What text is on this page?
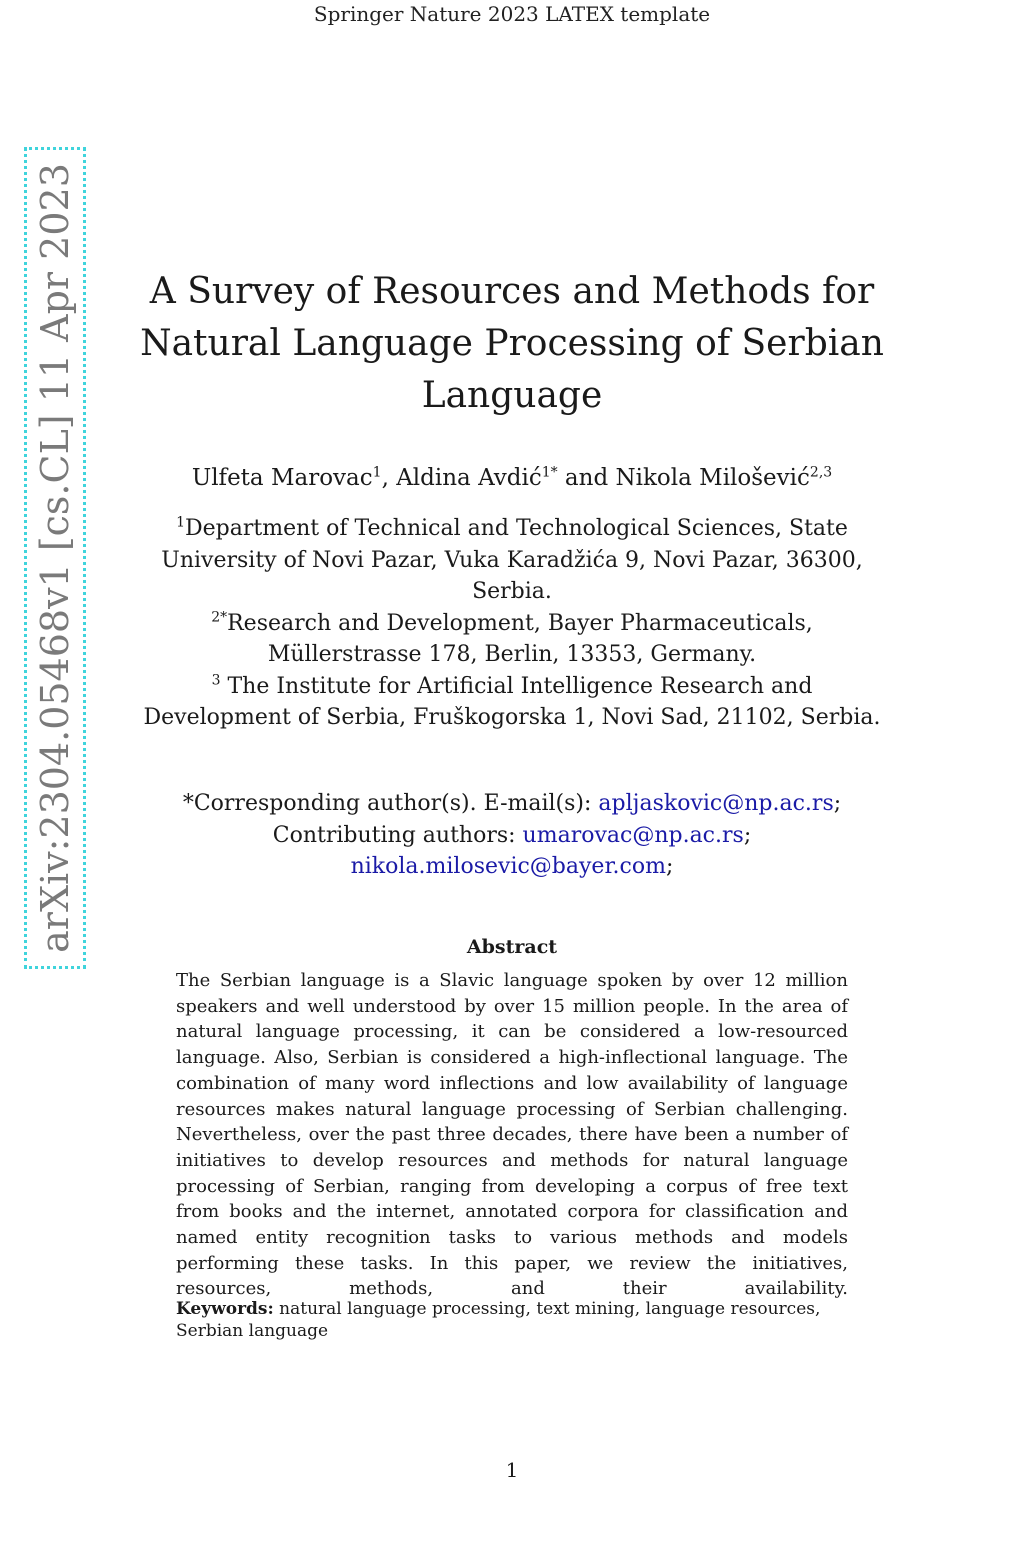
Springer Nature 2023 LATEX template
arXiv:2304.05468v1 [cs.CL] 11 Apr 2023 A Survey of Resources and Methods for
Natural Language Processing of Serbian
Language
Ulfeta Marovac$^1$, Aldina Avdić$^{1*}$ and Nikola Milošević$^{2,3}$
$^1$Department of Technical and Technological Sciences, State
University of Novi Pazar, Vuka Karadžića 9, Novi Pazar, 36300,
Serbia.
$^{2*}$Research and Development, Bayer Pharmaceuticals,
Müllerstrasse 178, Berlin, 13353, Germany.
$^3$ The Institute for Artificial Intelligence Research and
Development of Serbia, Fruškogorska 1, Novi Sad, 21102, Serbia.
*Corresponding author(s). E-mail(s): apljaskovic@np.ac.rs;
Contributing authors: umarovac@np.ac.rs;
nikola.milosevic@bayer.com;
Abstract
The Serbian language is a Slavic language spoken by over 12 million speakers and well understood by over 15 million people. In the area of natural language processing, it can be considered a low-resourced language. Also, Serbian is considered a high-inflectional language. The combination of many word inflections and low availability of language resources makes natural language processing of Serbian challenging. Nevertheless, over the past three decades, there have been a number of initiatives to develop resources and methods for natural language processing of Serbian, ranging from developing a corpus of free text from books and the internet, annotated corpora for classification and named entity recognition tasks to various methods and models performing these tasks. In this paper, we review the initiatives, resources, methods, and their availability.
Keywords: natural language processing, text mining, language resources, Serbian language
1
